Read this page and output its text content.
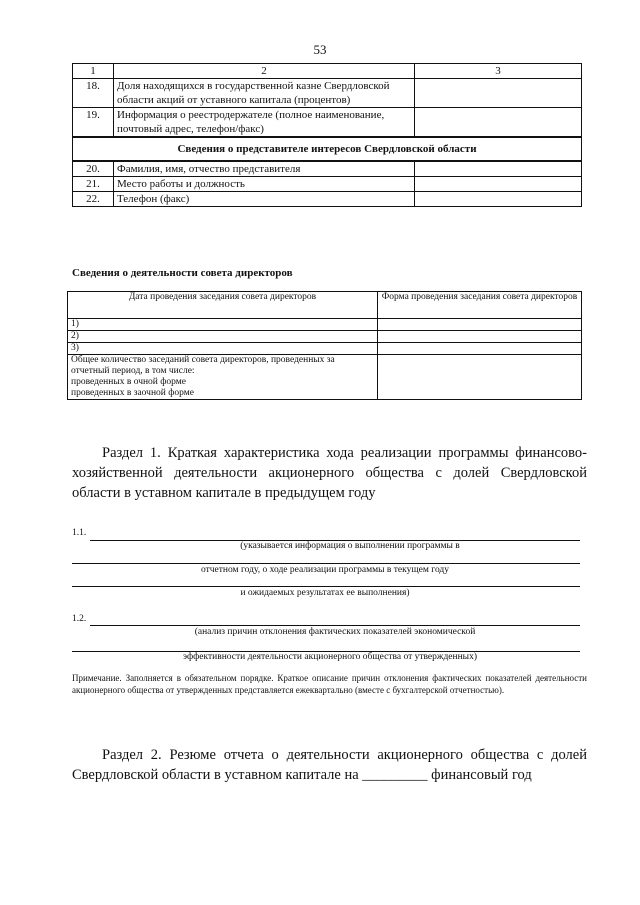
53
1	2	3
18.	Доля находящихся в государственной казне Свердловской области акций от уставного капитала (процентов)	
19.	Информация о реестродержателе (полное наименование, почтовый адрес, телефон/факс)	
Сведения о представителе интересов Свердловской области		
20.	Фамилия, имя, отчество представителя	
21.	Место работы и должность	
22.	Телефон (факс)	
Сведения о деятельности совета директоров
Дата проведения заседания совета директоров	Форма проведения заседания совета директоров
1)	
2)	
3)	

Общее количество заседаний совета директоров, проведенных за
отчетный период, в том числе:
проведенных в очной форме
проведенных в заочной форме	

Раздел 1. Краткая характеристика хода реализации программы финансово-хозяйственной деятельности акционерного общества с долей Свердловской области в уставном капитале в предыдущем году
1.1.
(указывается информация о выполнении программы в
отчетном году, о ходе реализации программы в текущем году
и ожидаемых результатах ее выполнения)
1.2.
(анализ причин отклонения фактических показателей экономической
эффективности деятельности акционерного общества от утвержденных)
Примечание. Заполняется в обязательном порядке. Краткое описание причин отклонения фактических показателей деятельности акционерного общества от утвержденных представляется ежеквартально (вместе с бухгалтерской отчетностью).
Раздел 2. Резюме отчета о деятельности акционерного общества с долей Свердловской области в уставном капитале на _________ финансовый год
